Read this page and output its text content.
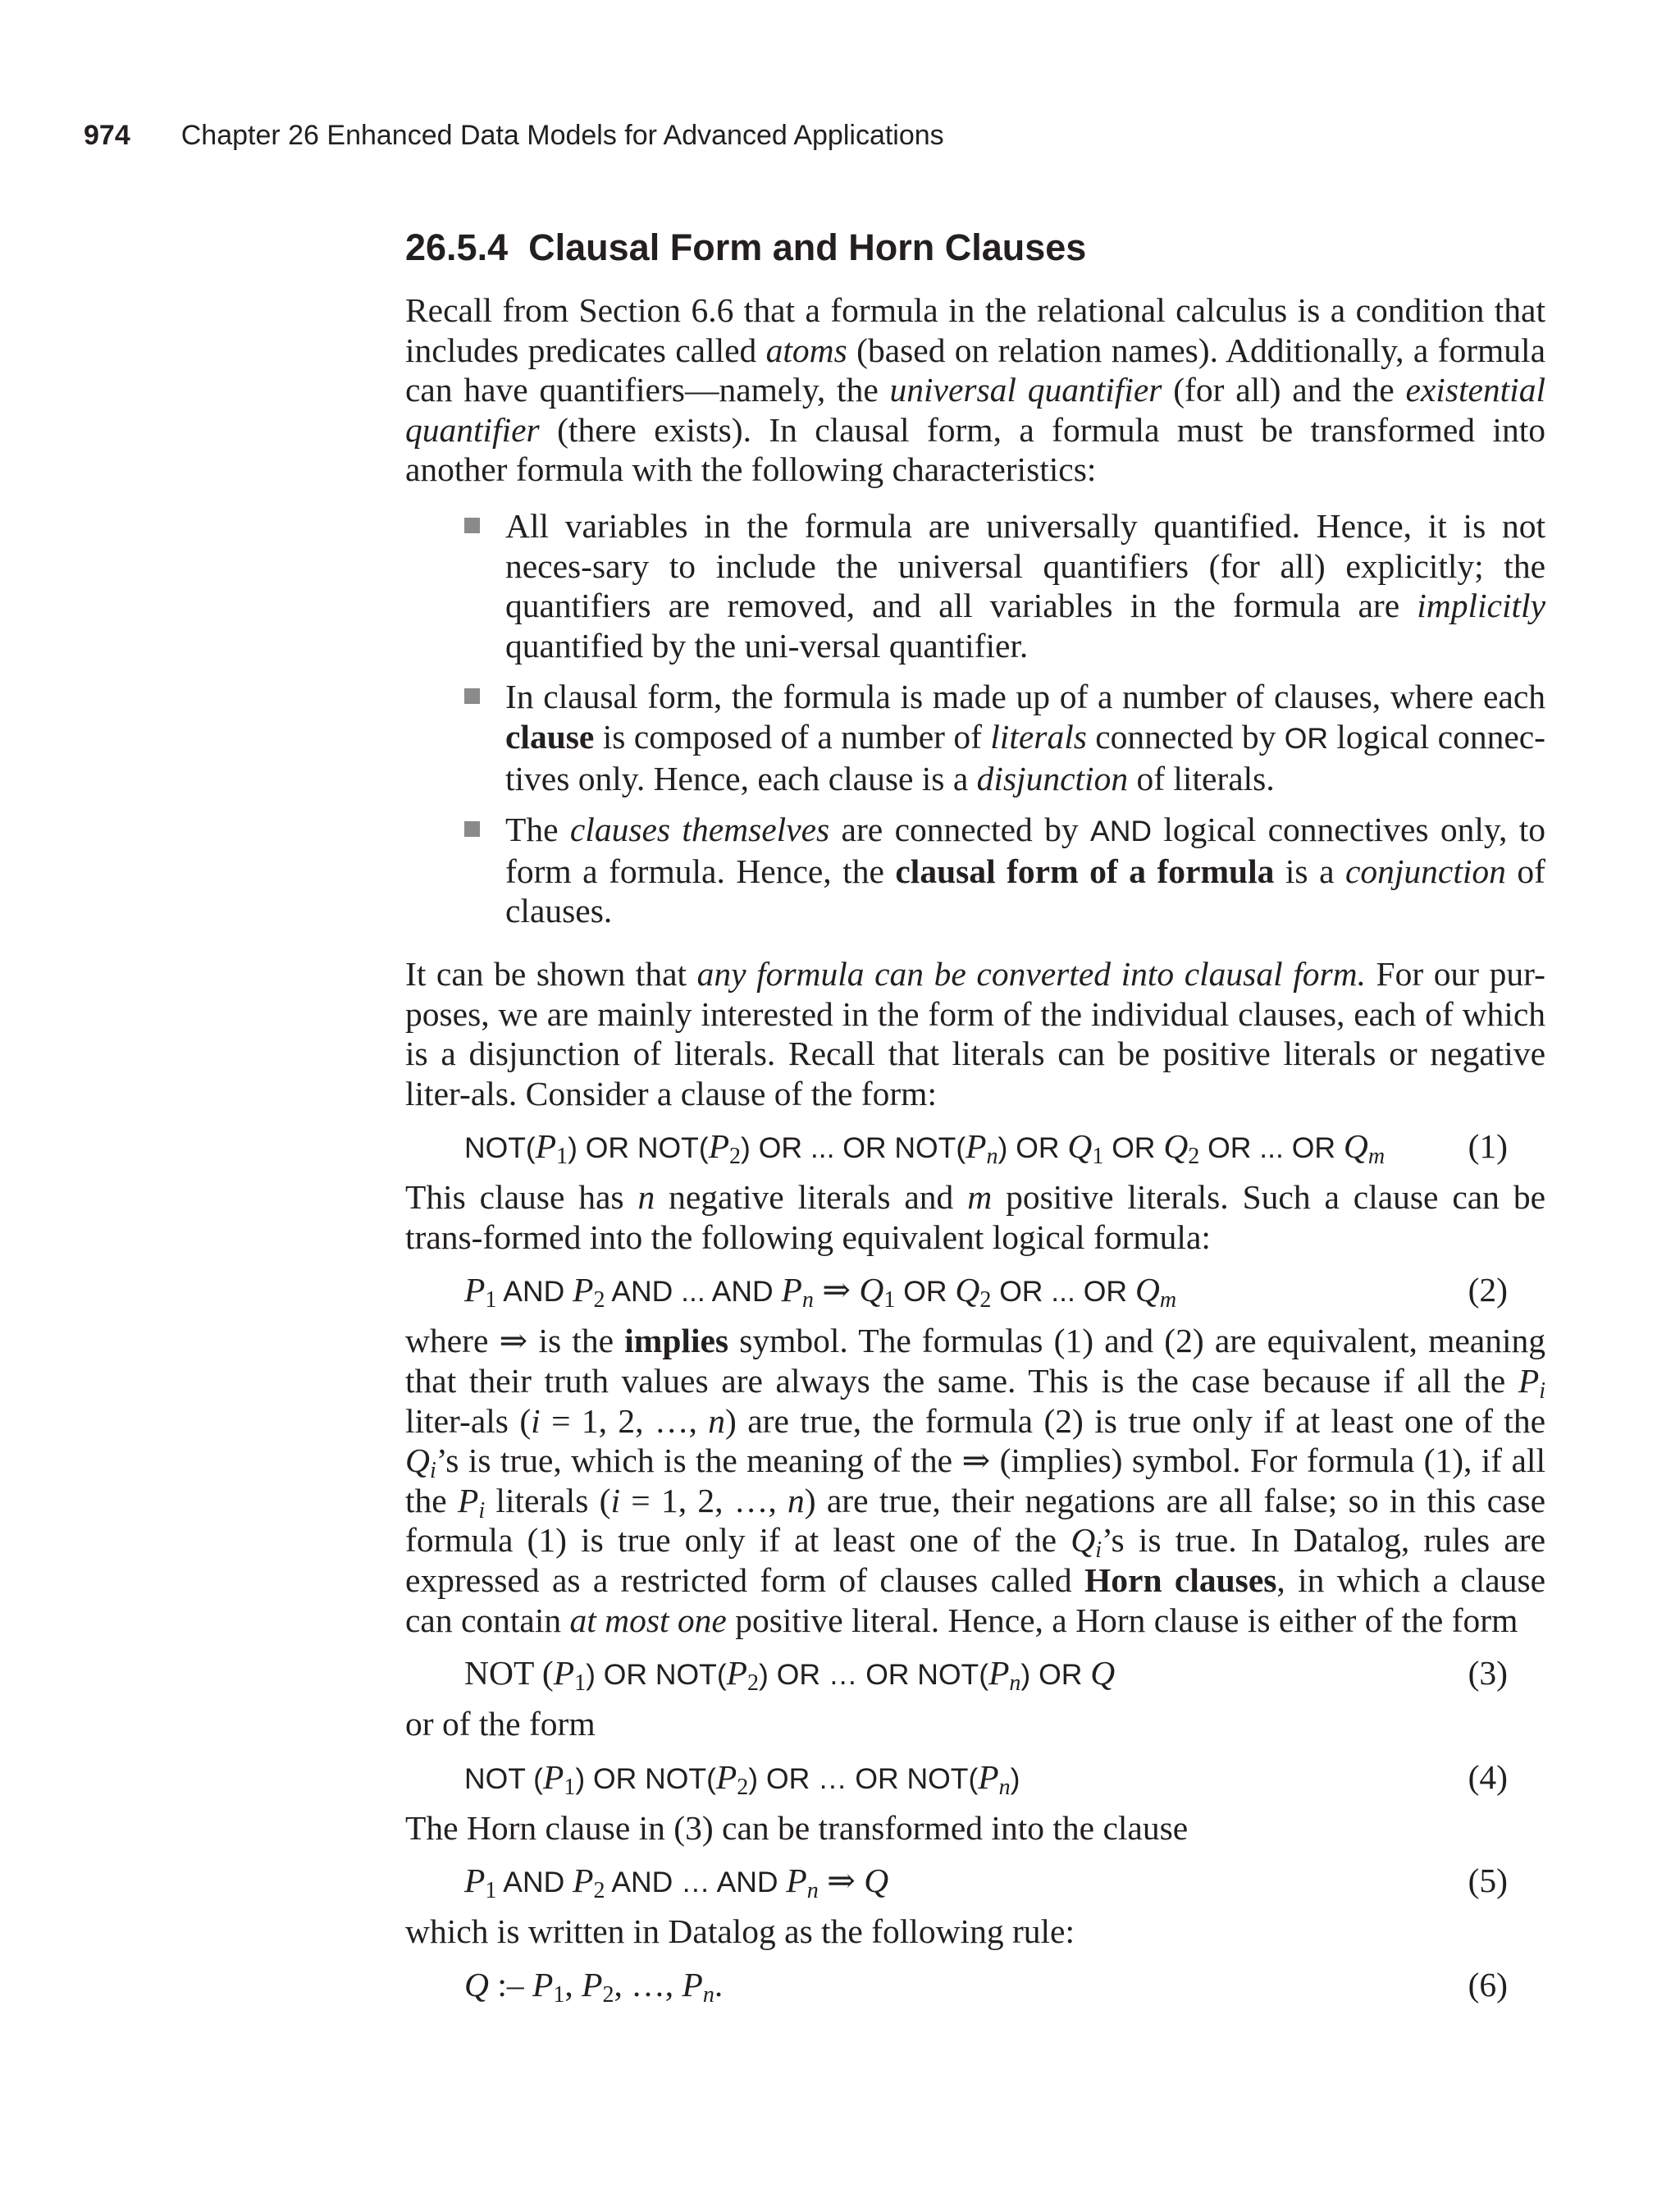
974 Chapter 26 Enhanced Data Models for Advanced Applications
26.5.4 Clausal Form and Horn Clauses

Recall from Section 6.6 that a formula in the relational calculus is a condition that includes predicates called atoms (based on relation names). Additionally, a formula can have quantifiers—namely, the universal quantifier (for all) and the existential quantifier (there exists). In clausal form, a formula must be transformed into another formula with the following characteristics:

All variables in the formula are universally quantified. Hence, it is not neces-sary to include the universal quantifiers (for all) explicitly; the quantifiers are removed, and all variables in the formula are implicitly quantified by the uni-versal quantifier.
In clausal form, the formula is made up of a number of clauses, where each clause is composed of a number of literals connected by OR logical connec-tives only. Hence, each clause is a disjunction of literals.
The clauses themselves are connected by AND logical connectives only, to form a formula. Hence, the clausal form of a formula is a conjunction of clauses.

It can be shown that any formula can be converted into clausal form. For our pur-poses, we are mainly interested in the form of the individual clauses, each of which is a disjunction of literals. Recall that literals can be positive literals or negative liter-als. Consider a clause of the form:

$NOT(P_1)$ OR $NOT(P_2)$ OR ... OR $NOT(P_n)$ OR $Q_1$ OR $Q_2$ OR ... OR $Q_m$ (1)

This clause has n negative literals and m positive literals. Such a clause can be trans-formed into the following equivalent logical formula:

$P_1$ AND $P_2$ AND ... AND $P_n$ ⇒ $Q_1$ OR $Q_2$ OR ... OR $Q_m$	(2)

where ⇒ is the implies symbol. The formulas (1) and (2) are equivalent, meaning that their truth values are always the same. This is the case because if all the $P_i$ liter-als (i = 1, 2, …, n) are true, the formula (2) is true only if at least one of the $Q_i’s$ is true, which is the meaning of the ⇒ (implies) symbol. For formula (1), if all the $P_i$ literals (i = 1, 2, …, n) are true, their negations are all false; so in this case formula (1) is true only if at least one of the $Q_i’s$ is true. In Datalog, rules are expressed as a restricted form of clauses called Horn clauses, in which a clause can contain at most one positive literal. Hence, a Horn clause is either of the form

NOT $(P_1)$ OR $NOT(P_2)$ OR … OR $NOT(P_n)$ OR Q	(3)

or of the form

NOT $(P_1)$ OR $NOT(P_2)$ OR … OR $NOT(P_n)$	(4)

The Horn clause in (3) can be transformed into the clause

$P_1$ AND $P_2$ AND … AND $P_n$ ⇒ Q	(5)

which is written in Datalog as the following rule:

Q :– $P_1$, $P_2$, …, $P_n$.	(6)
